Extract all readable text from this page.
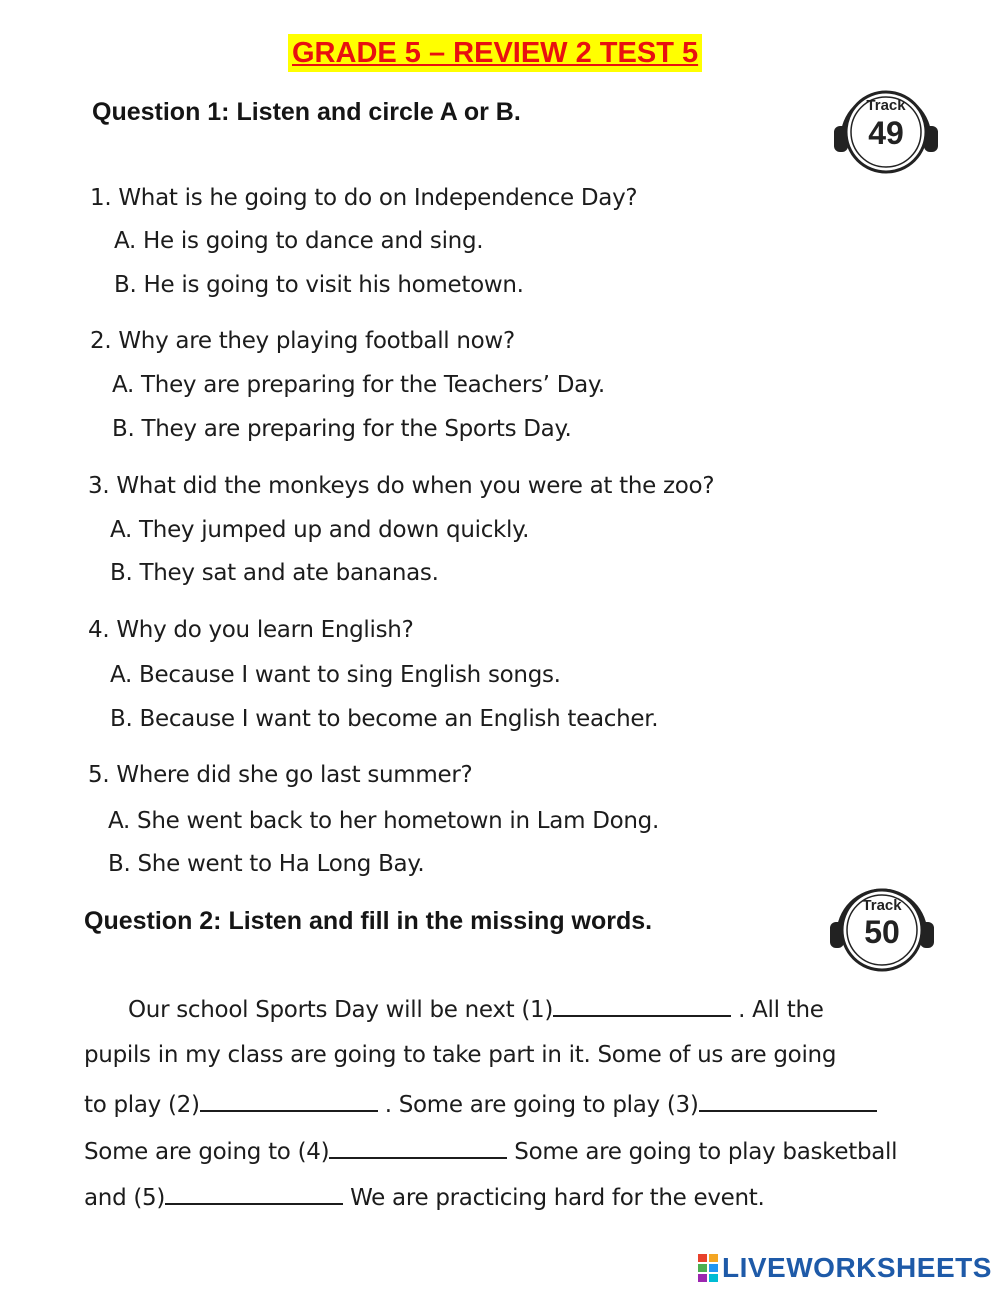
GRADE 5 – REVIEW 2 TEST 5
Question 1: Listen and circle A or B.	Track
49
1. What is he going to do on Independence Day?
A. He is going to dance and sing.
B. He is going to visit his hometown.
2. Why are they playing football now?
A. They are preparing for the Teachers’ Day.
B. They are preparing for the Sports Day.
3. What did the monkeys do when you were at the zoo?
A. They jumped up and down quickly.
B. They sat and ate bananas.
4. Why do you learn English?
A. Because I want to sing English songs.
B. Because I want to become an English teacher.
5. Where did she go last summer?
A. She went back to her hometown in Lam Dong.
B. She went to Ha Long Bay.
Question 2: Listen and fill in the missing words.
Track
50
Our school Sports Day will be next (1)	. All the
pupils in my class are going to take part in it. Some of us are going
to play (2)	. Some are going to play (3)
Some are going to (4)	Some are going to play basketball
and (5)	We are practicing hard for the event.
LIVEWORKSHEETS
